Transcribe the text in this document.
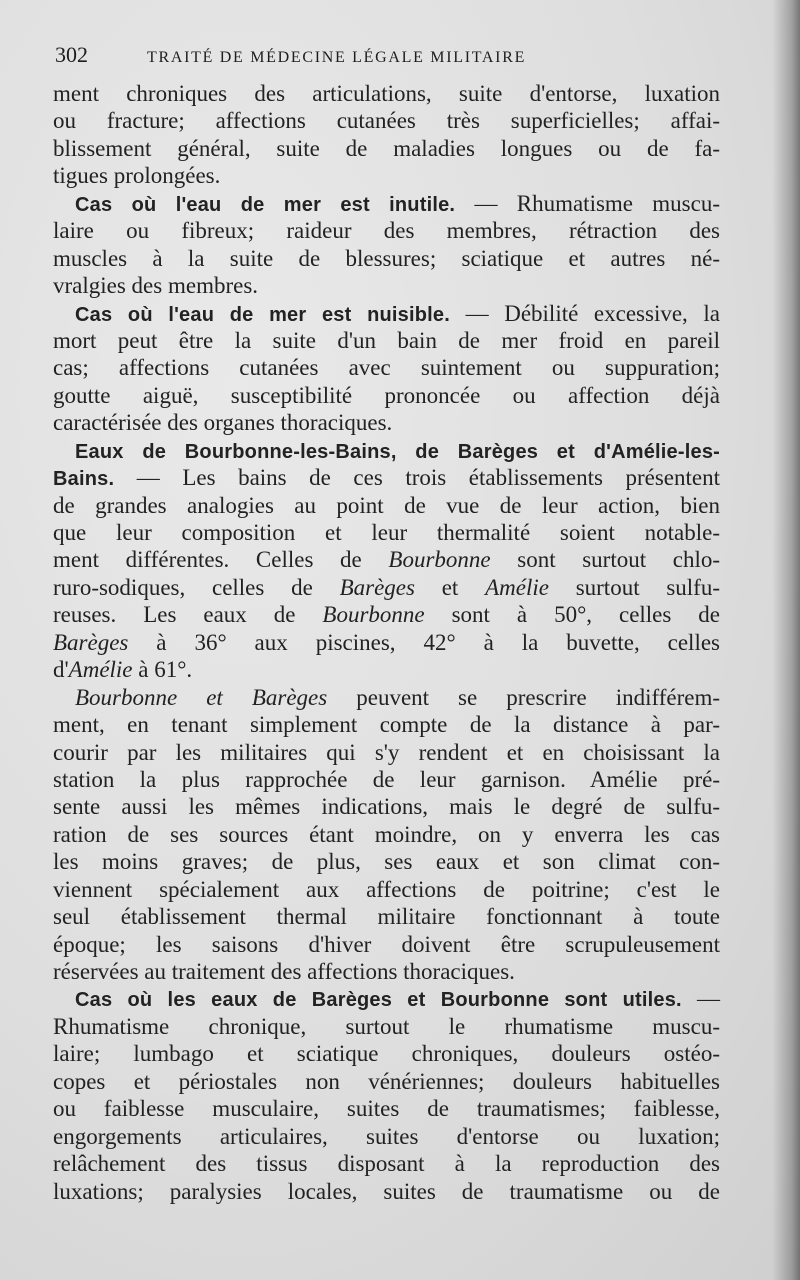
302	TRAITÉ DE MÉDECINE LÉGALE MILITAIRE
ment chroniques des articulations, suite d'entorse, luxation
ou fracture; affections cutanées très superficielles; affai-
blissement général, suite de maladies longues ou de fa-
tigues prolongées.
Cas où l'eau de mer est inutile. — Rhumatisme muscu-
laire ou fibreux; raideur des membres, rétraction des
muscles à la suite de blessures; sciatique et autres né-
vralgies des membres.
Cas où l'eau de mer est nuisible. — Débilité excessive, la
mort peut être la suite d'un bain de mer froid en pareil
cas; affections cutanées avec suintement ou suppuration;
goutte aiguë, susceptibilité prononcée ou affection déjà
caractérisée des organes thoraciques.
Eaux de Bourbonne-les-Bains, de Barèges et d'Amélie-les-
Bains. — Les bains de ces trois établissements présentent
de grandes analogies au point de vue de leur action, bien
que leur composition et leur thermalité soient notable-
ment différentes. Celles de Bourbonne sont surtout chlo-
ruro-sodiques, celles de Barèges et Amélie surtout sulfu-
reuses. Les eaux de Bourbonne sont à 50°, celles de
Barèges à 36° aux piscines, 42° à la buvette, celles
d'Amélie à 61°.
Bourbonne et Barèges peuvent se prescrire indifférem-
ment, en tenant simplement compte de la distance à par-
courir par les militaires qui s'y rendent et en choisissant la
station la plus rapprochée de leur garnison. Amélie pré-
sente aussi les mêmes indications, mais le degré de sulfu-
ration de ses sources étant moindre, on y enverra les cas
les moins graves; de plus, ses eaux et son climat con-
viennent spécialement aux affections de poitrine; c'est le
seul établissement thermal militaire fonctionnant à toute
époque; les saisons d'hiver doivent être scrupuleusement
réservées au traitement des affections thoraciques.
Cas où les eaux de Barèges et Bourbonne sont utiles. —
Rhumatisme chronique, surtout le rhumatisme muscu-
laire; lumbago et sciatique chroniques, douleurs ostéo-
copes et périostales non vénériennes; douleurs habituelles
ou faiblesse musculaire, suites de traumatismes; faiblesse,
engorgements articulaires, suites d'entorse ou luxation;
relâchement des tissus disposant à la reproduction des
luxations; paralysies locales, suites de traumatisme ou de
